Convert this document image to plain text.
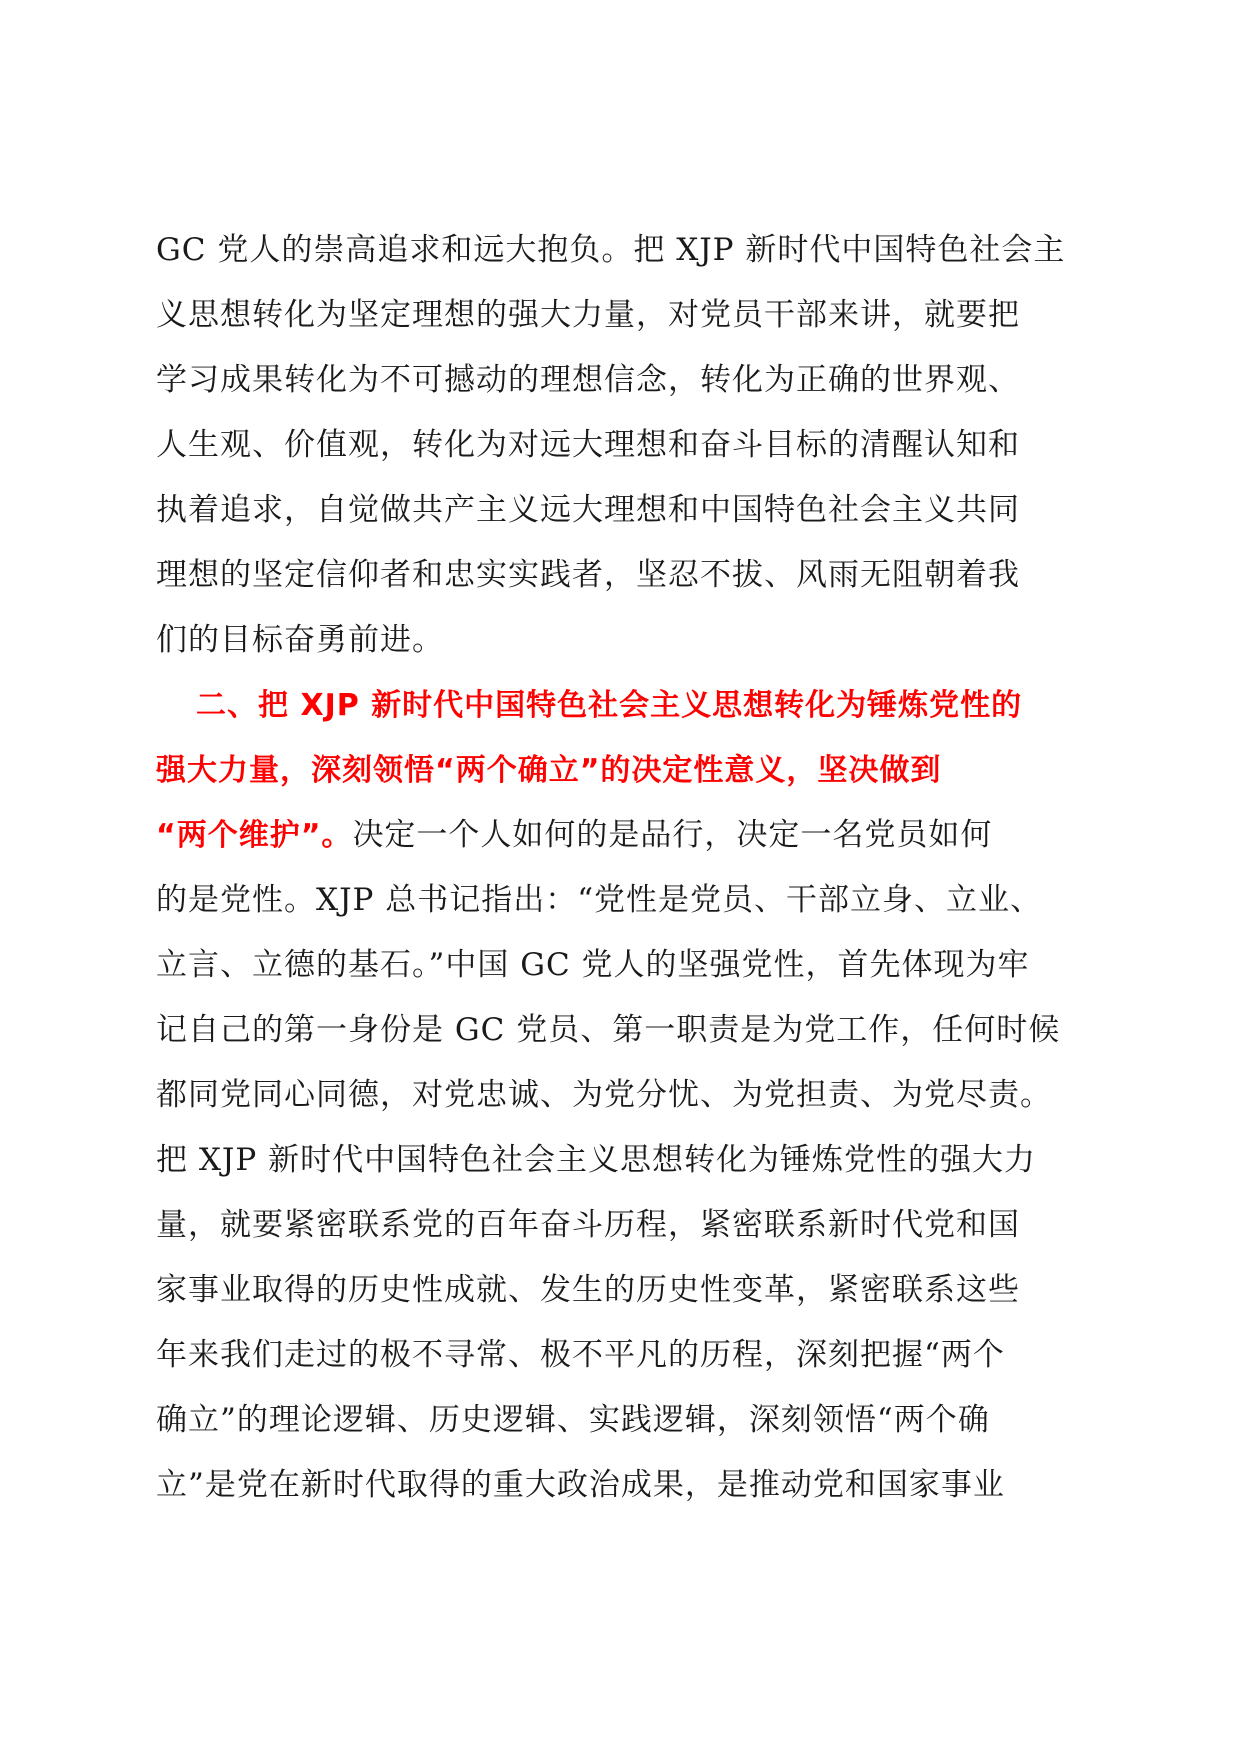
GC 党人的崇高追求和远大抱负。把 XJP 新时代中国特色社会主
义思想转化为坚定理想的强大力量，对党员干部来讲，就要把
学习成果转化为不可撼动的理想信念，转化为正确的世界观、
人生观、价值观，转化为对远大理想和奋斗目标的清醒认知和
执着追求，自觉做共产主义远大理想和中国特色社会主义共同
理想的坚定信仰者和忠实实践者，坚忍不拔、风雨无阻朝着我
们的目标奋勇前进。
二、把 XJP 新时代中国特色社会主义思想转化为锤炼党性的
强大力量，深刻领悟“两个确立”的决定性意义，坚决做到
“两个维护”。决定一个人如何的是品行，决定一名党员如何
的是党性。XJP 总书记指出：“党性是党员、干部立身、立业、
立言、立德的基石。”中国 GC 党人的坚强党性，首先体现为牢
记自己的第一身份是 GC 党员、第一职责是为党工作，任何时候
都同党同心同德，对党忠诚、为党分忧、为党担责、为党尽责。
把 XJP 新时代中国特色社会主义思想转化为锤炼党性的强大力
量，就要紧密联系党的百年奋斗历程，紧密联系新时代党和国
家事业取得的历史性成就、发生的历史性变革，紧密联系这些
年来我们走过的极不寻常、极不平凡的历程，深刻把握“两个
确立”的理论逻辑、历史逻辑、实践逻辑，深刻领悟“两个确
立”是党在新时代取得的重大政治成果，是推动党和国家事业
